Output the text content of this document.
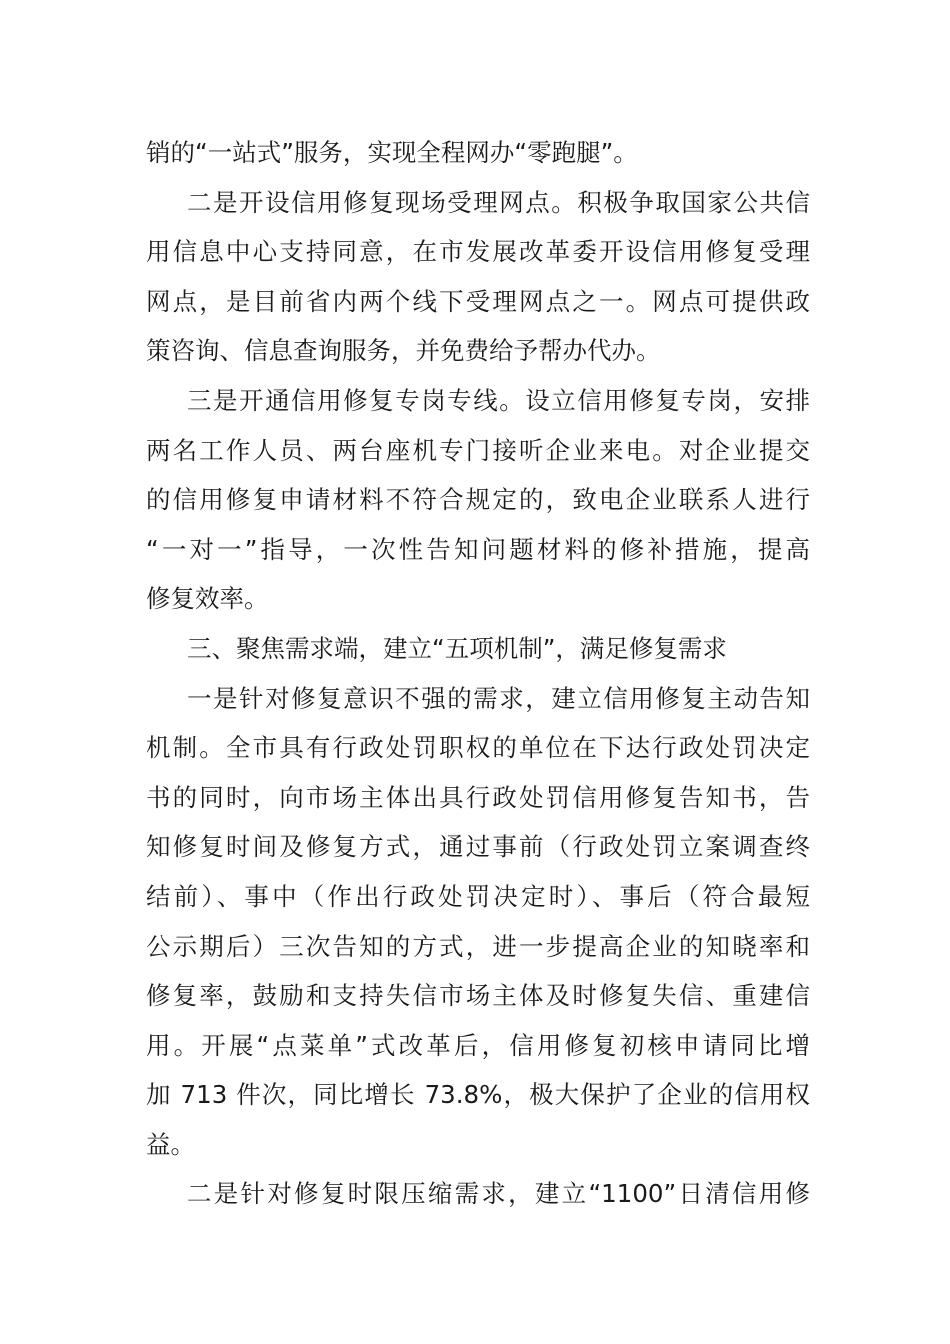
销的“一站式”服务，实现全程网办“零跑腿”。
二是开设信用修复现场受理网点。积极争取国家公共信
用信息中心支持同意，在市发展改革委开设信用修复受理
网点，是目前省内两个线下受理网点之一。网点可提供政
策咨询、信息查询服务，并免费给予帮办代办。
三是开通信用修复专岗专线。设立信用修复专岗，安排
两名工作人员、两台座机专门接听企业来电。对企业提交
的信用修复申请材料不符合规定的，致电企业联系人进行
“一对一”指导，一次性告知问题材料的修补措施，提高
修复效率。
三、聚焦需求端，建立“五项机制”，满足修复需求
一是针对修复意识不强的需求，建立信用修复主动告知
机制。全市具有行政处罚职权的单位在下达行政处罚决定
书的同时，向市场主体出具行政处罚信用修复告知书，告
知修复时间及修复方式，通过事前（行政处罚立案调查终
结前）、事中（作出行政处罚决定时）、事后（符合最短
公示期后）三次告知的方式，进一步提高企业的知晓率和
修复率，鼓励和支持失信市场主体及时修复失信、重建信
用。开展“点菜单”式改革后，信用修复初核申请同比增
加 713 件次，同比增长 73.8%，极大保护了企业的信用权
益。
二是针对修复时限压缩需求，建立“1100”日清信用修
